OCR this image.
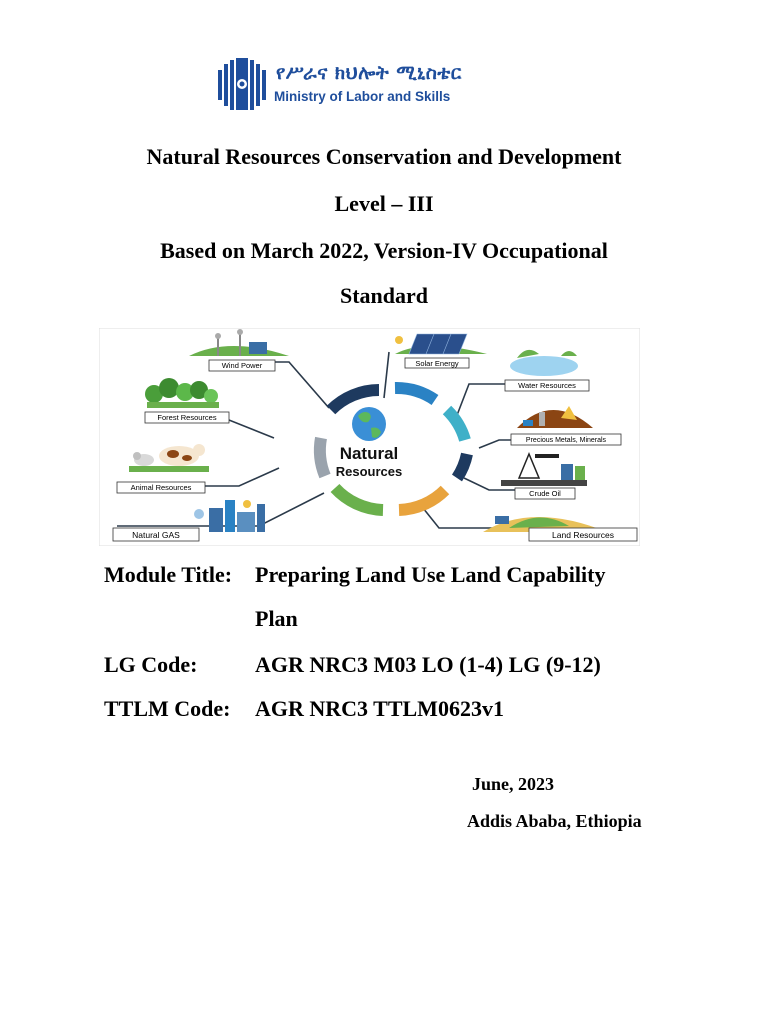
የሥራና ክህሎት ሚኒስቴር
Ministry of Labor and Skills
Natural Resources Conservation and Development
Level – III
Based on March 2022, Version-IV Occupational
Standard
Natural
Resources
Wind Power
Forest Resources
Animal Resources
Natural GAS
Solar Energy
Water Resources
Precious Metals, Minerals
Crude Oil
Land Resources
Module Title: Preparing Land Use Land Capability
Plan
LG Code:	AGR NRC3 M03 LO (1-4) LG (9-12)
TTLM Code: AGR NRC3 TTLM0623v1
June, 2023
Addis Ababa, Ethiopia
